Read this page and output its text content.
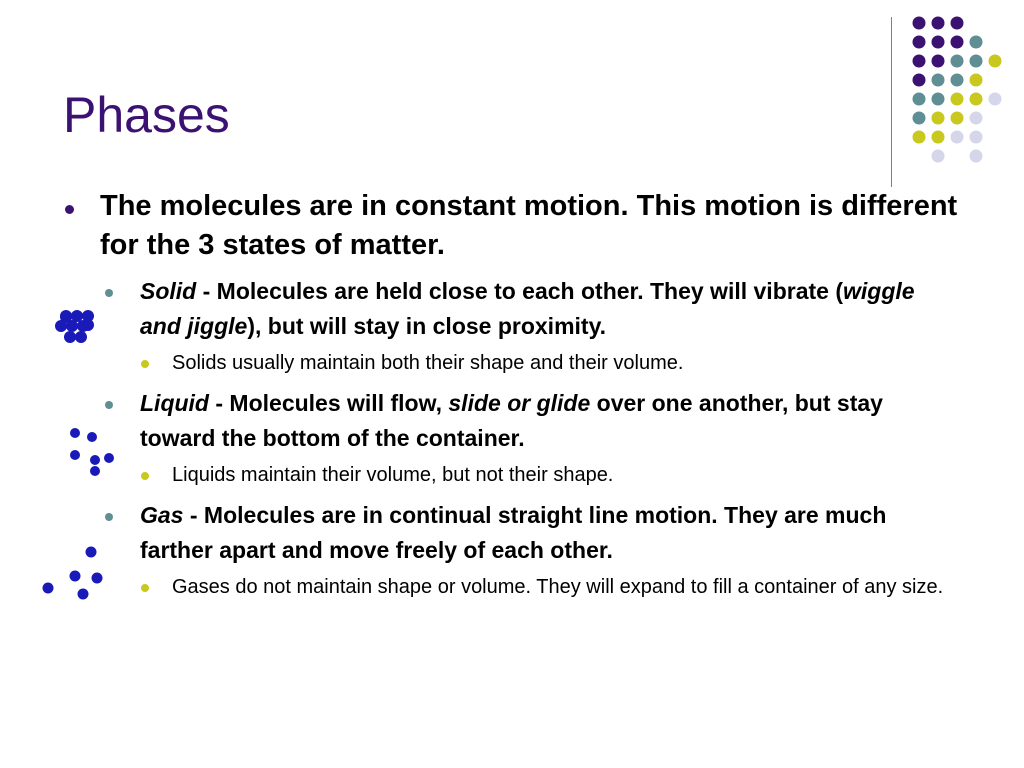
Phases
The molecules are in constant motion. This motion is different for the 3 states of matter.
Solid - Molecules are held close to each other. They will vibrate (wiggle and jiggle), but will stay in close proximity.
Solids usually maintain both their shape and their volume.
Liquid - Molecules will flow, slide or glide over one another, but stay toward the bottom of the container.
Liquids maintain their volume, but not their shape.
Gas - Molecules are in continual straight line motion. They are much farther apart and move freely of each other.
Gases do not maintain shape or volume. They will expand to fill a container of any size.
